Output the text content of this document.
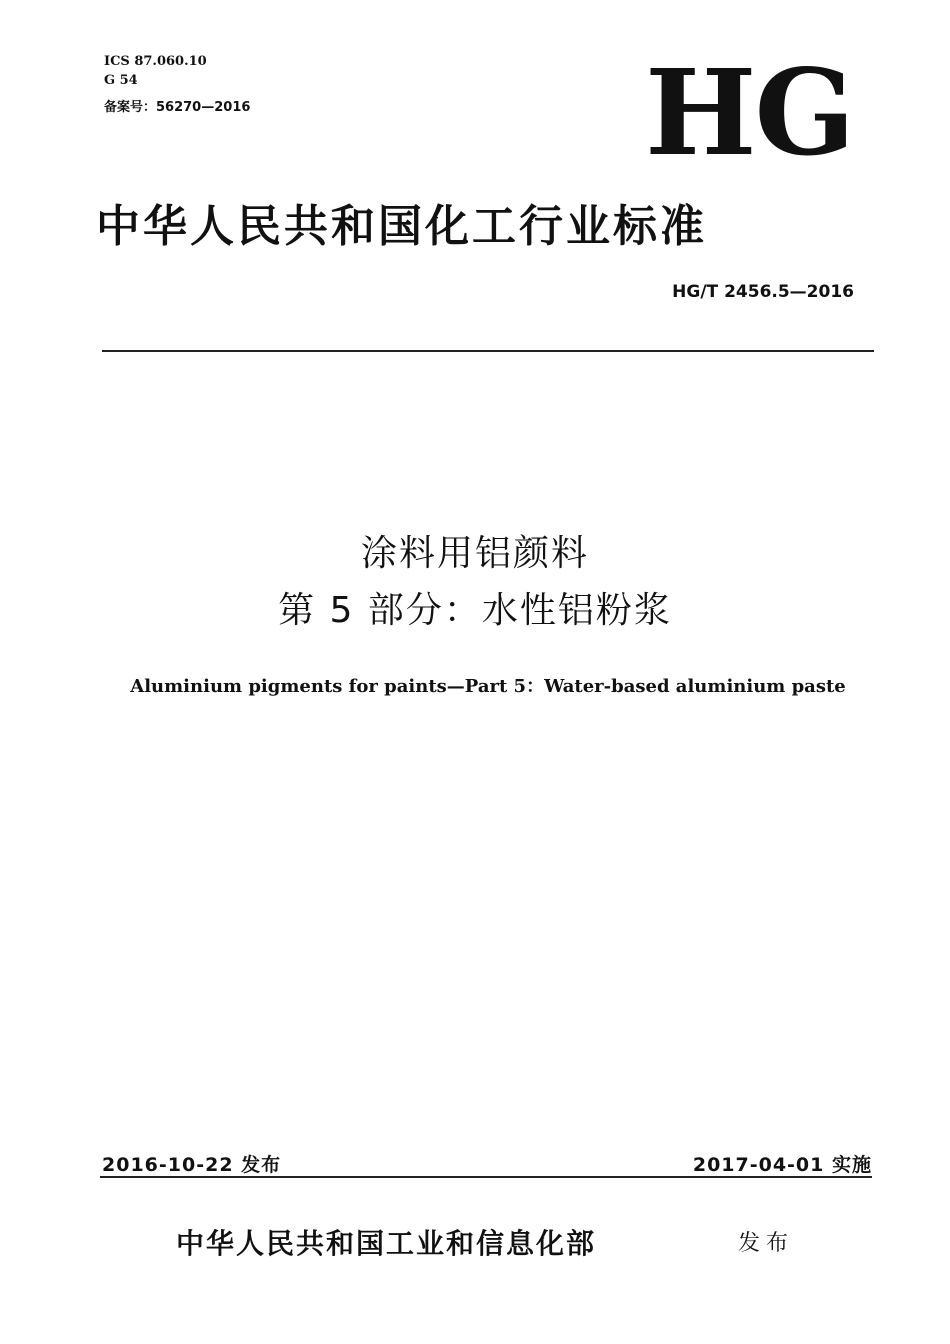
ICS 87.060.10
G 54
备案号：56270—2016	HG
中华人民共和国化工行业标准
HG/T 2456.5—2016
涂料用铝颜料
第 5 部分：水性铝粉浆
Aluminium pigments for paints—Part 5：Water-based aluminium paste
2016-10-22 发布	2017-04-01 实施
中华人民共和国工业和信息化部	发布
